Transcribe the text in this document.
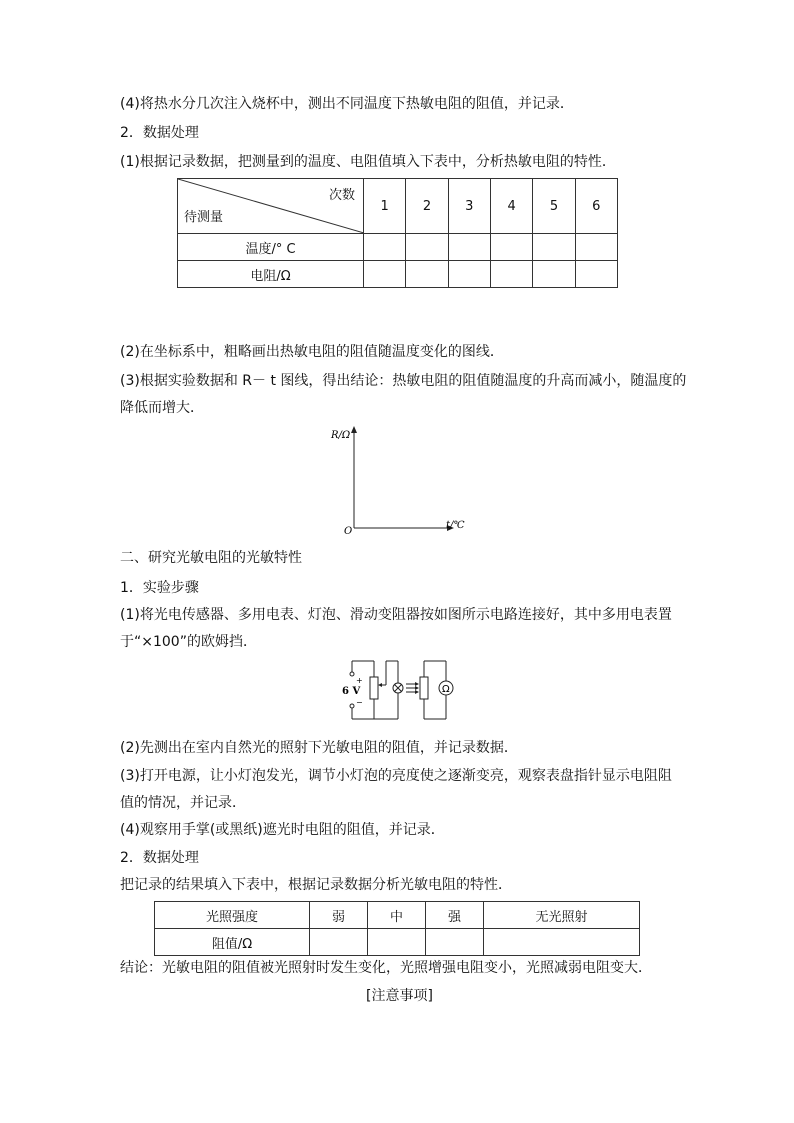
(4)将热水分几次注入烧杯中，测出不同温度下热敏电阻的阻值，并记录．
2．数据处理
(1)根据记录数据，把测量到的温度、电阻值填入下表中，分析热敏电阻的特性．
次数
待测量	1	2	3	4	5	6
温度/° C						
电阻/Ω						
(2)在坐标系中，粗略画出热敏电阻的阻值随温度变化的图线．
(3)根据实验数据和 R－ t 图线，得出结论：热敏电阻的阻值随温度的升高而减小，随温度的
降低而增大．
R/Ω
O
t/℃
二、研究光敏电阻的光敏特性
1．实验步骤
(1)将光电传感器、多用电表、灯泡、滑动变阻器按如图所示电路连接好，其中多用电表置
于“×100”的欧姆挡．
6 V
+
−
Ω
(2)先测出在室内自然光的照射下光敏电阻的阻值，并记录数据．
(3)打开电源，让小灯泡发光，调节小灯泡的亮度使之逐渐变亮，观察表盘指针显示电阻阻
值的情况，并记录．
(4)观察用手掌(或黑纸)遮光时电阻的阻值，并记录．
2．数据处理
把记录的结果填入下表中，根据记录数据分析光敏电阻的特性．
光照强度	弱	中	强	无光照射
阻值/Ω				
结论：光敏电阻的阻值被光照射时发生变化，光照增强电阻变小，光照减弱电阻变大．
[注意事项]
